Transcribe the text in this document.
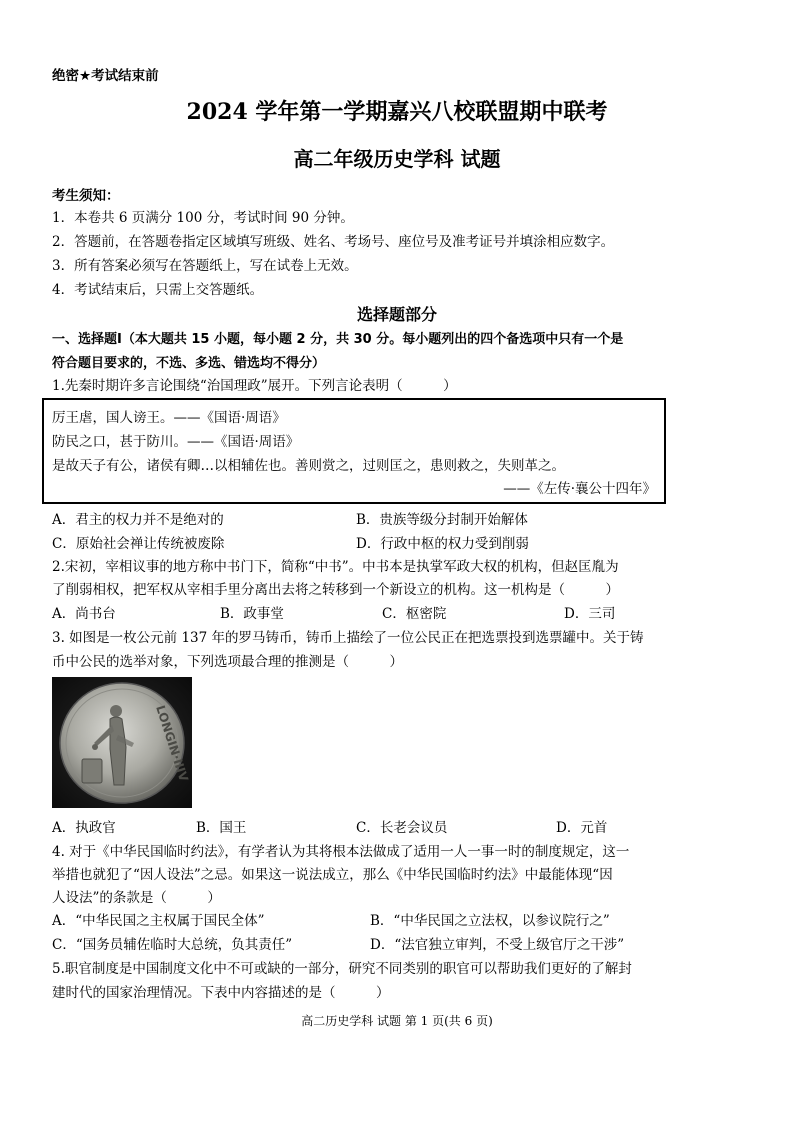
绝密★考试结束前
2024 学年第一学期嘉兴八校联盟期中联考
高二年级历史学科 试题
考生须知：
1．本卷共 6 页满分 100 分，考试时间 90 分钟。
2．答题前，在答题卷指定区域填写班级、姓名、考场号、座位号及准考证号并填涂相应数字。
3．所有答案必须写在答题纸上，写在试卷上无效。
4．考试结束后，只需上交答题纸。
选择题部分
一、选择题Ⅰ（本大题共 15 小题，每小题 2 分，共 30 分。每小题列出的四个备选项中只有一个是
符合题目要求的，不选、多选、错选均不得分）
1.先秦时期许多言论围绕“治国理政”展开。下列言论表明（　　　）
厉王虐，国人谤王。——《国语·周语》
防民之口，甚于防川。——《国语·周语》
是故天子有公，诸侯有卿…以相辅佐也。善则赏之，过则匡之，患则救之，失则革之。
——《左传·襄公十四年》
A．君主的权力并不是绝对的	B．贵族等级分封制开始解体
C．原始社会禅让传统被废除	D．行政中枢的权力受到削弱
2.宋初，宰相议事的地方称中书门下，简称“中书”。中书本是执掌军政大权的机构，但赵匡胤为
了削弱相权，把军权从宰相手里分离出去将之转移到一个新设立的机构。这一机构是（　　　）
A．尚书台	B．政事堂	C．枢密院	D．三司
3. 如图是一枚公元前 137 年的罗马铸币，铸币上描绘了一位公民正在把选票投到选票罐中。关于铸
币中公民的选举对象，下列选项最合理的推测是（　　　）
LONGIN·IIIV
A．执政官	B．国王	C．长老会议员	D．元首
4. 对于《中华民国临时约法》，有学者认为其将根本法做成了适用一人一事一时的制度规定，这一
举措也就犯了“因人设法”之忌。如果这一说法成立，那么《中华民国临时约法》中最能体现“因
人设法”的条款是（　　　）
A．“中华民国之主权属于国民全体”	B．“中华民国之立法权，以参议院行之”
C．“国务员辅佐临时大总统，负其责任”	D．“法官独立审判，不受上级官厅之干涉”
5.职官制度是中国制度文化中不可或缺的一部分，研究不同类别的职官可以帮助我们更好的了解封
建时代的国家治理情况。下表中内容描述的是（　　　）
高二历史学科 试题 第 1 页(共 6 页)
